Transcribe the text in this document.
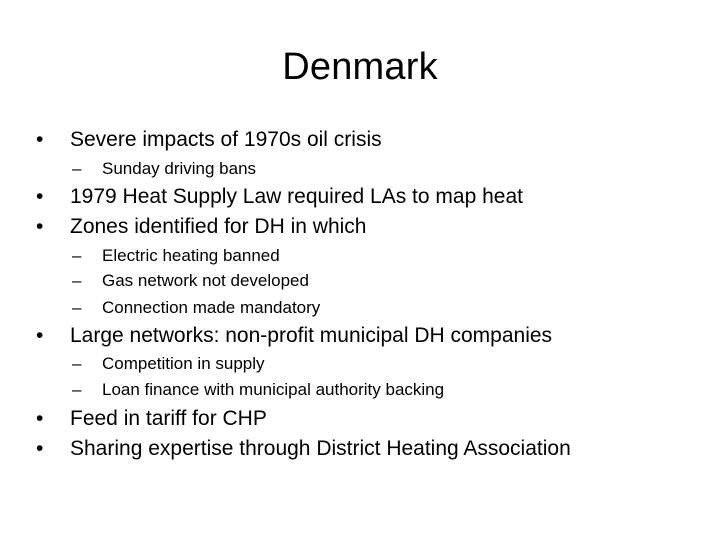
Denmark
•	Severe impacts of 1970s oil crisis
–	Sunday driving bans
•	1979 Heat Supply Law required LAs to map heat
•	Zones identified for DH in which
–	Electric heating banned
–	Gas network not developed
–	Connection made mandatory
•	Large networks: non-profit municipal DH companies
–	Competition in supply
–	Loan finance with municipal authority backing
•	Feed in tariff for CHP
•	Sharing expertise through District Heating Association
